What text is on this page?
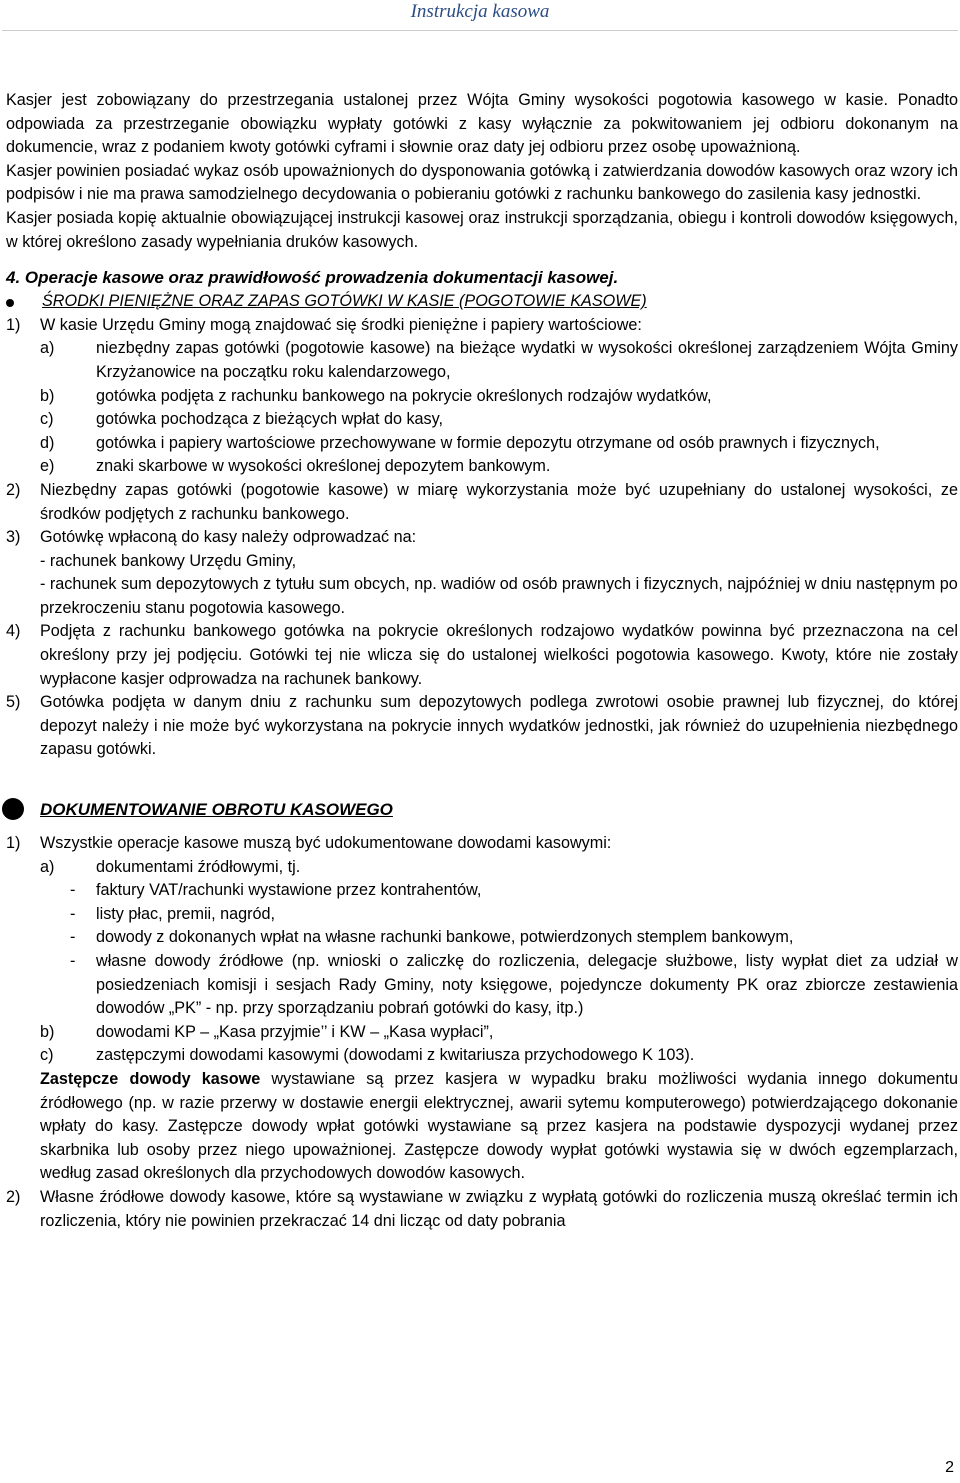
Instrukcja kasowa

Kasjer jest zobowiązany do przestrzegania ustalonej przez Wójta Gminy wysokości pogotowia kasowego w kasie. Ponadto odpowiada za przestrzeganie obowiązku wypłaty gotówki z kasy wyłącznie za pokwitowaniem jej odbioru dokonanym na dokumencie, wraz z podaniem kwoty gotówki cyframi i słownie oraz daty jej odbioru przez osobę upoważnioną.

Kasjer powinien posiadać wykaz osób upoważnionych do dysponowania gotówką i zatwierdzania dowodów kasowych oraz wzory ich podpisów i nie ma prawa samodzielnego decydowania o pobieraniu gotówki z rachunku bankowego do zasilenia kasy jednostki.

Kasjer posiada kopię aktualnie obowiązującej instrukcji kasowej oraz instrukcji sporządzania, obiegu i kontroli dowodów księgowych, w której określono zasady wypełniania druków kasowych.

4. Operacje kasowe oraz prawidłowość prowadzenia dokumentacji kasowej.

ŚRODKI PIENIĘŻNE ORAZ ZAPAS GOTÓWKI W KASIE (POGOTOWIE KASOWE)
1) W kasie Urzędu Gminy mogą znajdować się środki pieniężne i papiery wartościowe:
a)	niezbędny zapas gotówki (pogotowie kasowe) na bieżące wydatki w wysokości określonej zarządzeniem Wójta Gminy Krzyżanowice na początku roku kalendarzowego,
b)	gotówka podjęta z rachunku bankowego na pokrycie określonych rodzajów wydatków,
c)	gotówka pochodząca z bieżących wpłat do kasy,
d)	gotówka i papiery wartościowe przechowywane w formie depozytu otrzymane od osób prawnych i fizycznych,
e)	znaki skarbowe w wysokości określonej depozytem bankowym.
2) Niezbędny zapas gotówki (pogotowie kasowe) w miarę wykorzystania może być uzupełniany do ustalonej wysokości, ze środków podjętych z rachunku bankowego.
3) Gotówkę wpłaconą do kasy należy odprowadzać na:

- rachunek bankowy Urzędu Gminy,

- rachunek sum depozytowych z tytułu sum obcych, np. wadiów od osób prawnych i fizycznych, najpóźniej w dniu następnym po przekroczeniu stanu pogotowia kasowego.

4) Podjęta z rachunku bankowego gotówka na pokrycie określonych rodzajowo wydatków powinna być przeznaczona na cel określony przy jej podjęciu. Gotówki tej nie wlicza się do ustalonej wielkości pogotowia kasowego. Kwoty, które nie zostały wypłacone kasjer odprowadza na rachunek bankowy.
5) Gotówka podjęta w danym dniu z rachunku sum depozytowych podlega zwrotowi osobie prawnej lub fizycznej, do której depozyt należy i nie może być wykorzystana na pokrycie innych wydatków jednostki, jak również do uzupełnienia niezbędnego zapasu gotówki.
DOKUMENTOWANIE OBROTU KASOWEGO
1) Wszystkie operacje kasowe muszą być udokumentowane dowodami kasowymi:
a)	dokumentami źródłowymi, tj.
- faktury VAT/rachunki wystawione przez kontrahentów,
- listy płac, premii, nagród,
- dowody z dokonanych wpłat na własne rachunki bankowe, potwierdzonych stemplem bankowym,
- własne dowody źródłowe (np. wnioski o zaliczkę do rozliczenia, delegacje służbowe, listy wypłat diet za udział w posiedzeniach komisji i sesjach Rady Gminy, noty księgowe, pojedyncze dokumenty PK oraz zbiorcze zestawienia dowodów „PK” - np. przy sporządzaniu pobrań gotówki do kasy, itp.)
b)	dowodami KP – „Kasa przyjmie’’ i KW – „Kasa wypłaci”,
c)	zastępczymi dowodami kasowymi (dowodami z kwitariusza przychodowego K 103).

Zastępcze dowody kasowe wystawiane są przez kasjera w wypadku braku możliwości wydania innego dokumentu źródłowego (np. w razie przerwy w dostawie energii elektrycznej, awarii sytemu komputerowego) potwierdzającego dokonanie wpłaty do kasy. Zastępcze dowody wpłat gotówki wystawiane są przez kasjera na podstawie dyspozycji wydanej przez skarbnika lub osoby przez niego upoważnionej. Zastępcze dowody wypłat gotówki wystawia się w dwóch egzemplarzach, według zasad określonych dla przychodowych dowodów kasowych.

2) Własne źródłowe dowody kasowe, które są wystawiane w związku z wypłatą gotówki do rozliczenia muszą określać termin ich rozliczenia, który nie powinien przekraczać 14 dni licząc od daty pobrania
2
